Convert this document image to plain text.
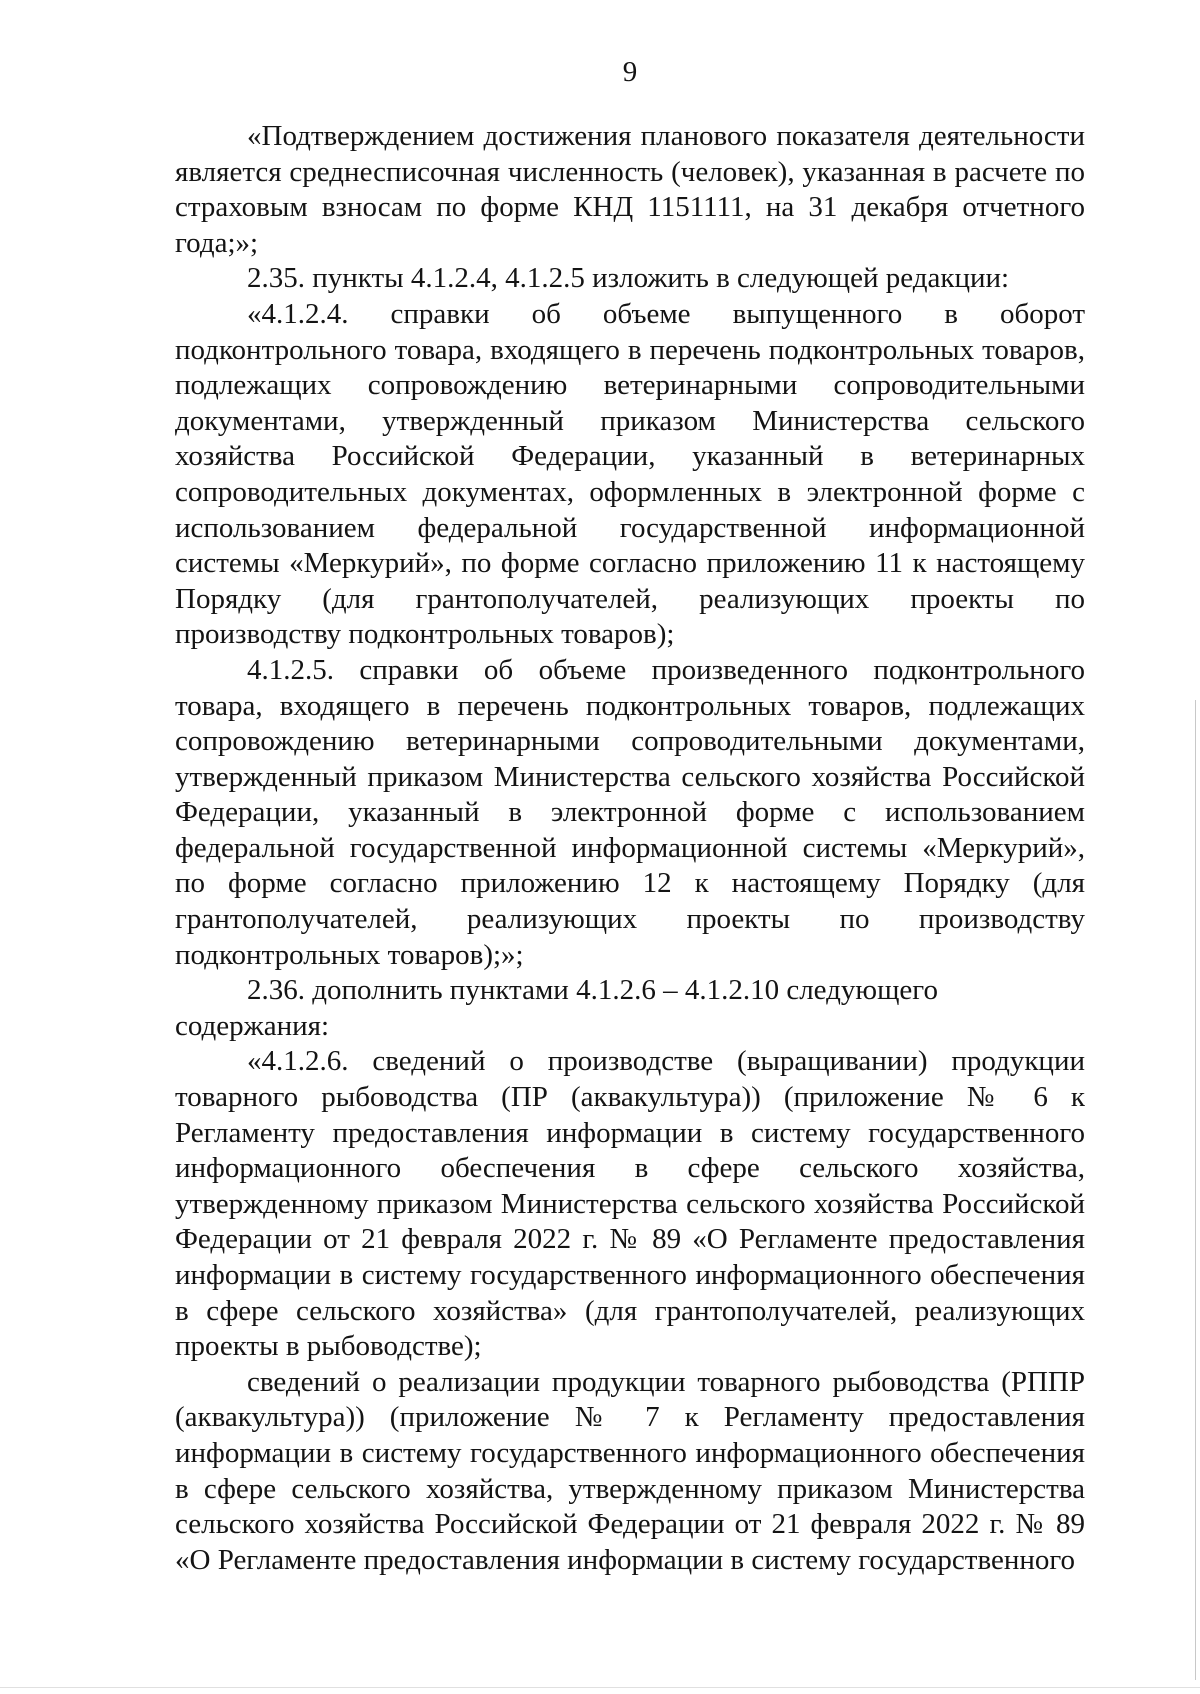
9

«Подтверждением достижения планового показателя деятельности является среднесписочная численность (человек), указанная в расчете по страховым взносам по форме КНД 1151111, на 31 декабря отчетного года;»;

2.35. пункты 4.1.2.4, 4.1.2.5 изложить в следующей редакции:

«4.1.2.4. справки об объеме выпущенного в оборот подконтрольного товара, входящего в перечень подконтрольных товаров, подлежащих сопровождению ветеринарными сопроводительными документами, утвержденный приказом Министерства сельского хозяйства Российской Федерации, указанный в ветеринарных сопроводительных документах, оформленных в электронной форме с использованием федеральной государственной информационной системы «Меркурий», по форме согласно приложению 11 к настоящему Порядку (для грантополучателей, реализующих проекты по производству подконтрольных товаров);

4.1.2.5. справки об объеме произведенного подконтрольного товара, входящего в перечень подконтрольных товаров, подлежащих сопровождению ветеринарными сопроводительными документами, утвержденный приказом Министерства сельского хозяйства Российской Федерации, указанный в электронной форме с использованием федеральной государственной информационной системы «Меркурий», по форме согласно приложению 12 к настоящему Порядку (для грантополучателей, реализующих проекты по производству подконтрольных товаров);»;

2.36. дополнить пунктами 4.1.2.6 – 4.1.2.10 следующего содержания:

«4.1.2.6. сведений о производстве (выращивании) продукции товарного рыбоводства (ПР (аквакультура)) (приложение № 6 к Регламенту предоставления информации в систему государственного информационного обеспечения в сфере сельского хозяйства, утвержденному приказом Министерства сельского хозяйства Российской Федерации от 21 февраля 2022 г. № 89 «О Регламенте предоставления информации в систему государственного информационного обеспечения в сфере сельского хозяйства» (для грантополучателей, реализующих проекты в рыбоводстве);

сведений о реализации продукции товарного рыбоводства (РППР (аквакультура)) (приложение № 7 к Регламенту предоставления информации в систему государственного информационного обеспечения в сфере сельского хозяйства, утвержденному приказом Министерства сельского хозяйства Российской Федерации от 21 февраля 2022 г. № 89 «О Регламенте предоставления информации в систему государственного
